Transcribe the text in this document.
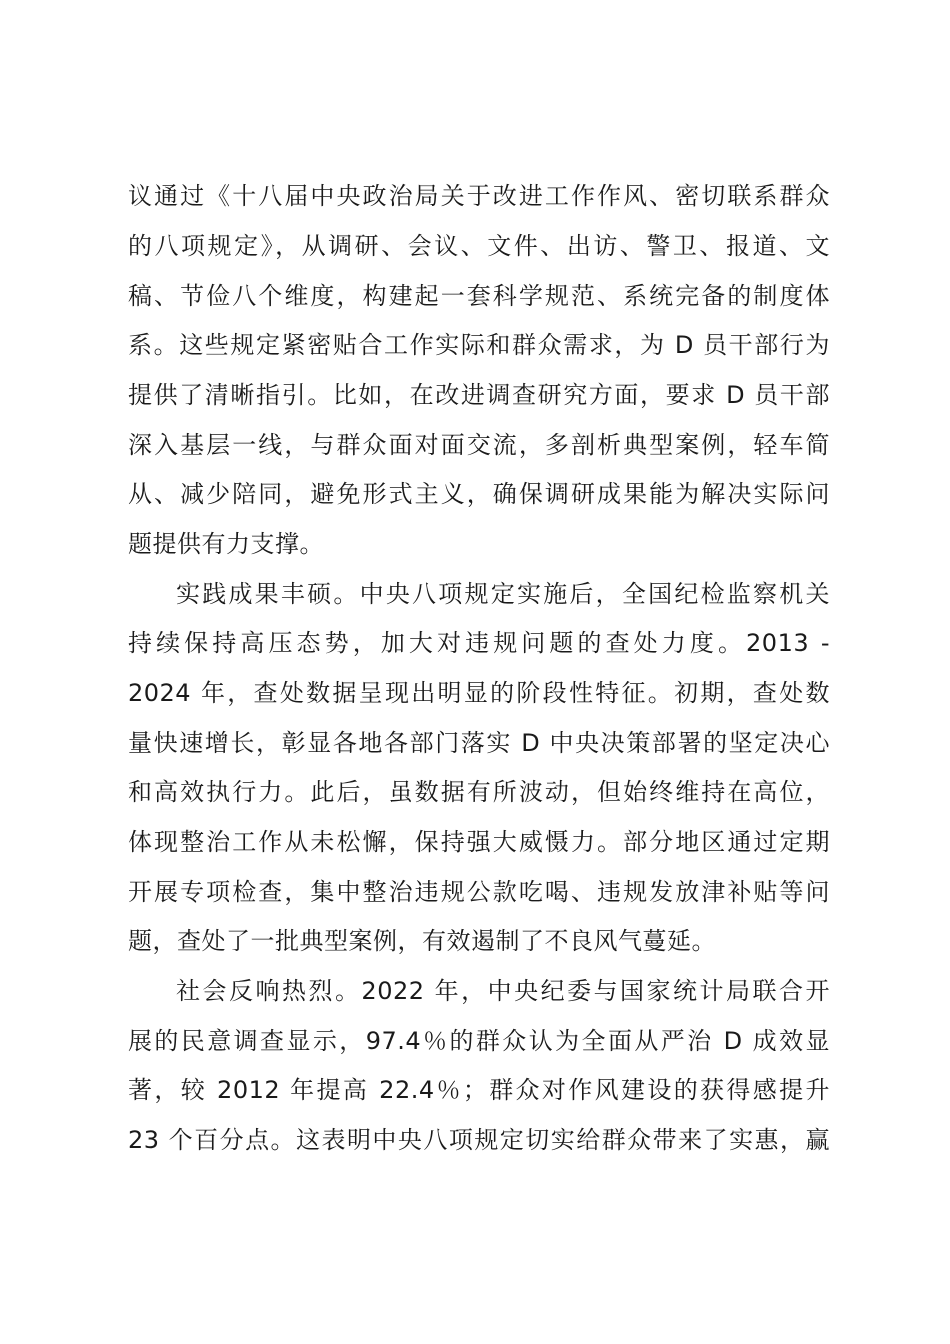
议通过《十八届中央政治局关于改进工作作风、密切联系群众
的八项规定》，从调研、会议、文件、出访、警卫、报道、文
稿、节俭八个维度，构建起一套科学规范、系统完备的制度体
系。这些规定紧密贴合工作实际和群众需求，为 D 员干部行为
提供了清晰指引。比如，在改进调查研究方面，要求 D 员干部
深入基层一线，与群众面对面交流，多剖析典型案例，轻车简
从、减少陪同，避免形式主义，确保调研成果能为解决实际问
题提供有力支撑。
实践成果丰硕。中央八项规定实施后，全国纪检监察机关
持续保持高压态势，加大对违规问题的查处力度。2013 -
2024 年，查处数据呈现出明显的阶段性特征。初期，查处数
量快速增长，彰显各地各部门落实 D 中央决策部署的坚定决心
和高效执行力。此后，虽数据有所波动，但始终维持在高位，
体现整治工作从未松懈，保持强大威慑力。部分地区通过定期
开展专项检查，集中整治违规公款吃喝、违规发放津补贴等问
题，查处了一批典型案例，有效遏制了不良风气蔓延。
社会反响热烈。2022 年，中央纪委与国家统计局联合开
展的民意调查显示，97.4％的群众认为全面从严治 D 成效显
著，较 2012 年提高 22.4％；群众对作风建设的获得感提升
23 个百分点。这表明中央八项规定切实给群众带来了实惠，赢
